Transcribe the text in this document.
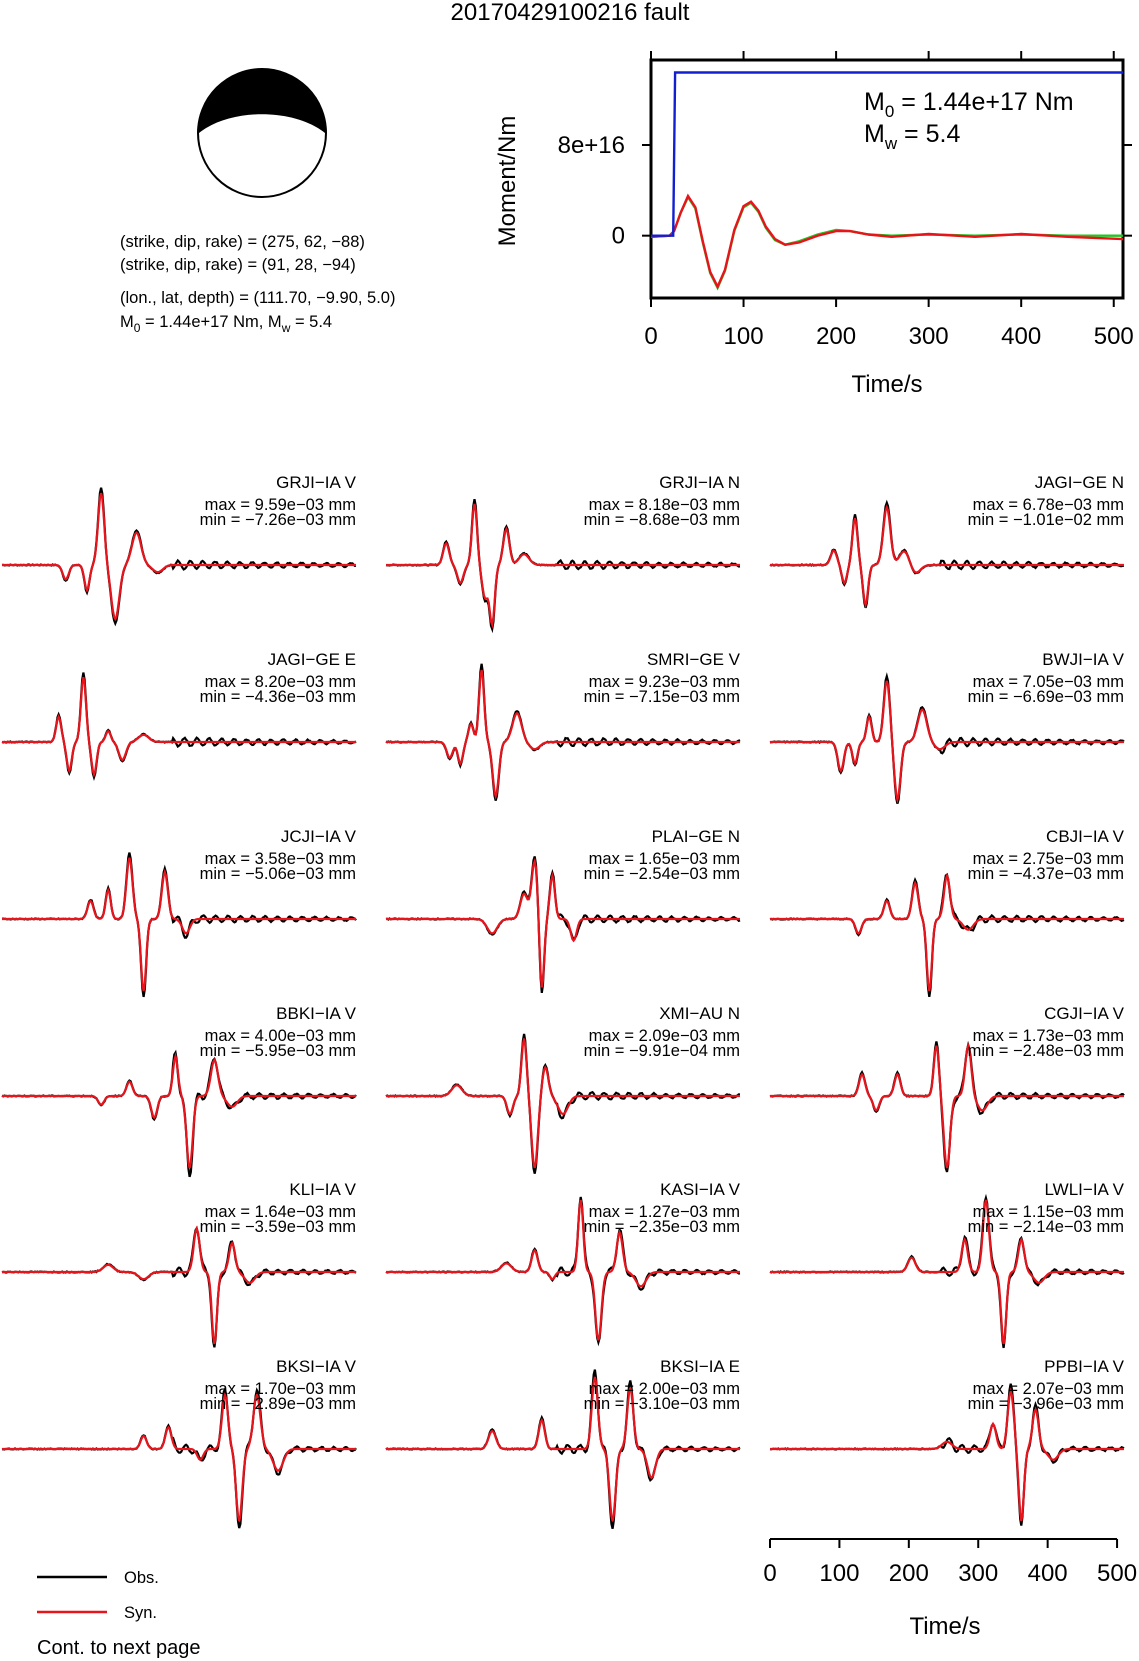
20170429100216 fault
(strike, dip, rake) = (275, 62, −88)
(strike, dip, rake) = (91, 28, −94)
(lon., lat, depth) = (111.70, −9.90, 5.0)
$M_0 = 1.44e+17$ Nm, $M_w = 5.4$
0	100 200 300 400 500
0
8e+16
Moment/Nm
Time/s
$M_0 = 1.44e+17$ Nm
$M_w = 5.4$
GRJI−IA V
max = 9.59e−03 mm
min = −7.26e−03 mm
GRJI−IA N
max = 8.18e−03 mm
min = −8.68e−03 mm
JAGI−GE N
max = 6.78e−03 mm
min = −1.01e−02 mm
JAGI−GE E
max = 8.20e−03 mm
min = −4.36e−03 mm
SMRI−GE V
max = 9.23e−03 mm
min = −7.15e−03 mm
BWJI−IA V
max = 7.05e−03 mm
min = −6.69e−03 mm
JCJI−IA V
max = 3.58e−03 mm
min = −5.06e−03 mm
PLAI−GE N
max = 1.65e−03 mm
min = −2.54e−03 mm
CBJI−IA V
max = 2.75e−03 mm
min = −4.37e−03 mm
BBKI−IA V
max = 4.00e−03 mm
min = −5.95e−03 mm
XMI−AU N
max = 2.09e−03 mm
min = −9.91e−04 mm
CGJI−IA V
max = 1.73e−03 mm
min = −2.48e−03 mm
KLI−IA V
max = 1.64e−03 mm
min = −3.59e−03 mm
KASI−IA V
max = 1.27e−03 mm
min = −2.35e−03 mm
LWLI−IA V
max = 1.15e−03 mm
min = −2.14e−03 mm
BKSI−IA V
max = 1.70e−03 mm
min = −2.89e−03 mm
BKSI−IA E
max = 2.00e−03 mm
min = −3.10e−03 mm
PPBI−IA V
max = 2.07e−03 mm
min = −3.96e−03 mm
Time/s
0 100 200 300 400 500
Obs.
Syn.
Cont. to next page
